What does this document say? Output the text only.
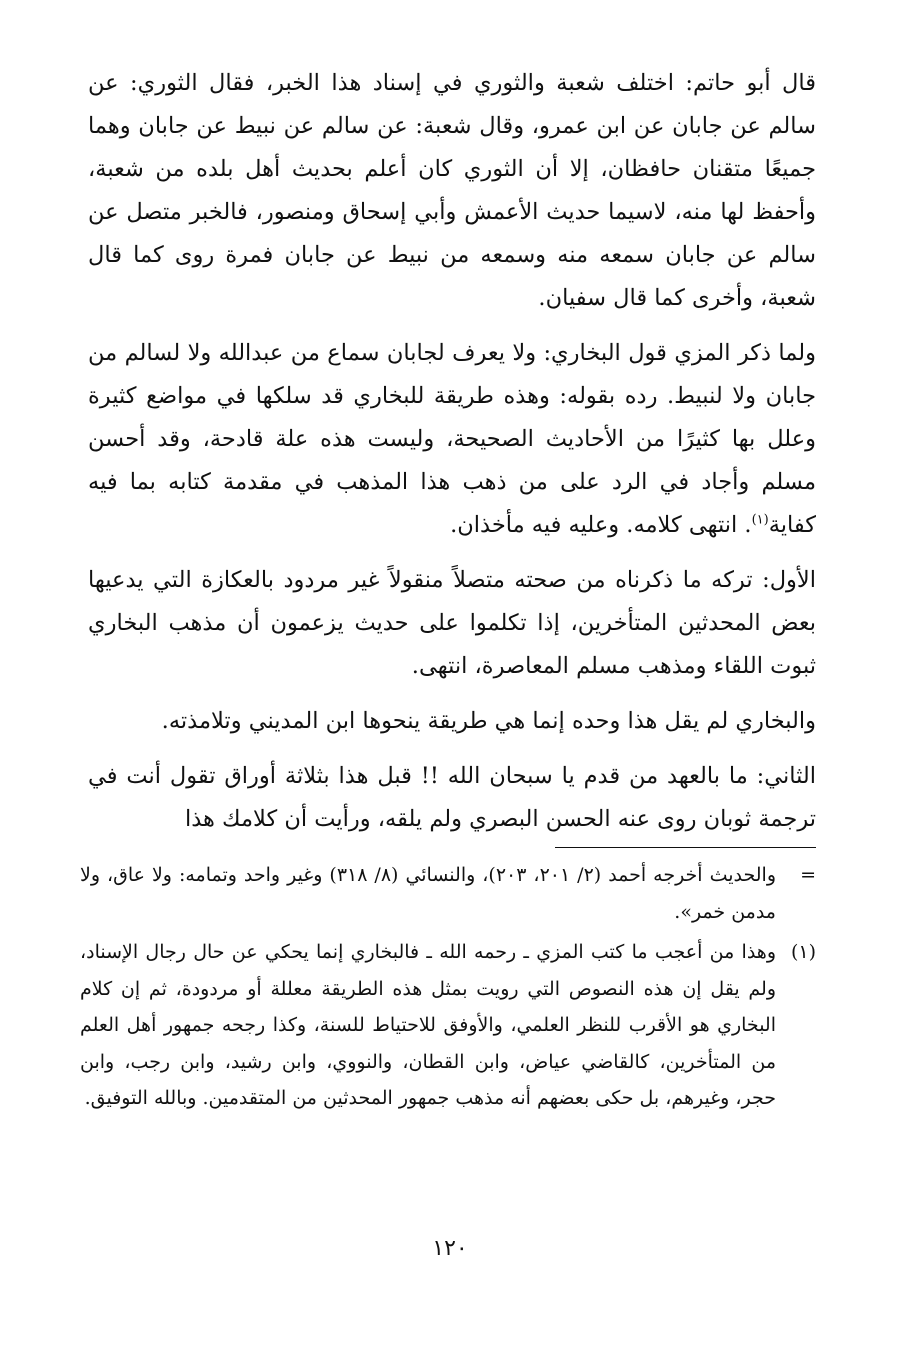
قال أبو حاتم: اختلف شعبة والثوري في إسناد هذا الخبر، فقال الثوري: عن سالم عن جابان عن ابن عمرو، وقال شعبة: عن سالم عن نبيط عن جابان وهما جميعًا متقنان حافظان، إلا أن الثوري كان أعلم بحديث أهل بلده من شعبة، وأحفظ لها منه، لاسيما حديث الأعمش وأبي إسحاق ومنصور، فالخبر متصل عن سالم عن جابان سمعه منه وسمعه من نبيط عن جابان فمرة روى كما قال شعبة، وأخرى كما قال سفيان.

ولما ذكر المزي قول البخاري: ولا يعرف لجابان سماع من عبدالله ولا لسالم من جابان ولا لنبيط. رده بقوله: وهذه طريقة للبخاري قد سلكها في مواضع كثيرة وعلل بها كثيرًا من الأحاديث الصحيحة، وليست هذه علة قادحة، وقد أحسن مسلم وأجاد في الرد على من ذهب هذا المذهب في مقدمة كتابه بما فيه كفاية$^{(١)}$. انتهى كلامه. وعليه فيه مأخذان.

الأول: تركه ما ذكرناه من صحته متصلاً منقولاً غير مردود بالعكازة التي يدعيها بعض المحدثين المتأخرين، إذا تكلموا على حديث يزعمون أن مذهب البخاري ثبوت اللقاء ومذهب مسلم المعاصرة، انتهى.

والبخاري لم يقل هذا وحده إنما هي طريقة ينحوها ابن المديني وتلامذته.

الثاني: ما بالعهد من قدم يا سبحان الله !! قبل هذا بثلاثة أوراق تقول أنت في ترجمة ثوبان روى عنه الحسن البصري ولم يلقه، ورأيت أن كلامك هذا

=
والحديث أخرجه أحمد (٢/ ٢٠١، ٢٠٣)، والنسائي (٨/ ٣١٨) وغير واحد وتمامه: ولا عاق، ولا مدمن خمر».
(١)
وهذا من أعجب ما كتب المزي ـ رحمه الله ـ فالبخاري إنما يحكي عن حال رجال الإسناد، ولم يقل إن هذه النصوص التي رويت بمثل هذه الطريقة معللة أو مردودة، ثم إن كلام البخاري هو الأقرب للنظر العلمي، والأوفق للاحتياط للسنة، وكذا رجحه جمهور أهل العلم من المتأخرين، كالقاضي عياض، وابن القطان، والنووي، وابن رشيد، وابن رجب، وابن حجر، وغيرهم، بل حكى بعضهم أنه مذهب جمهور المحدثين من المتقدمين. وبالله التوفيق.
١٢٠
